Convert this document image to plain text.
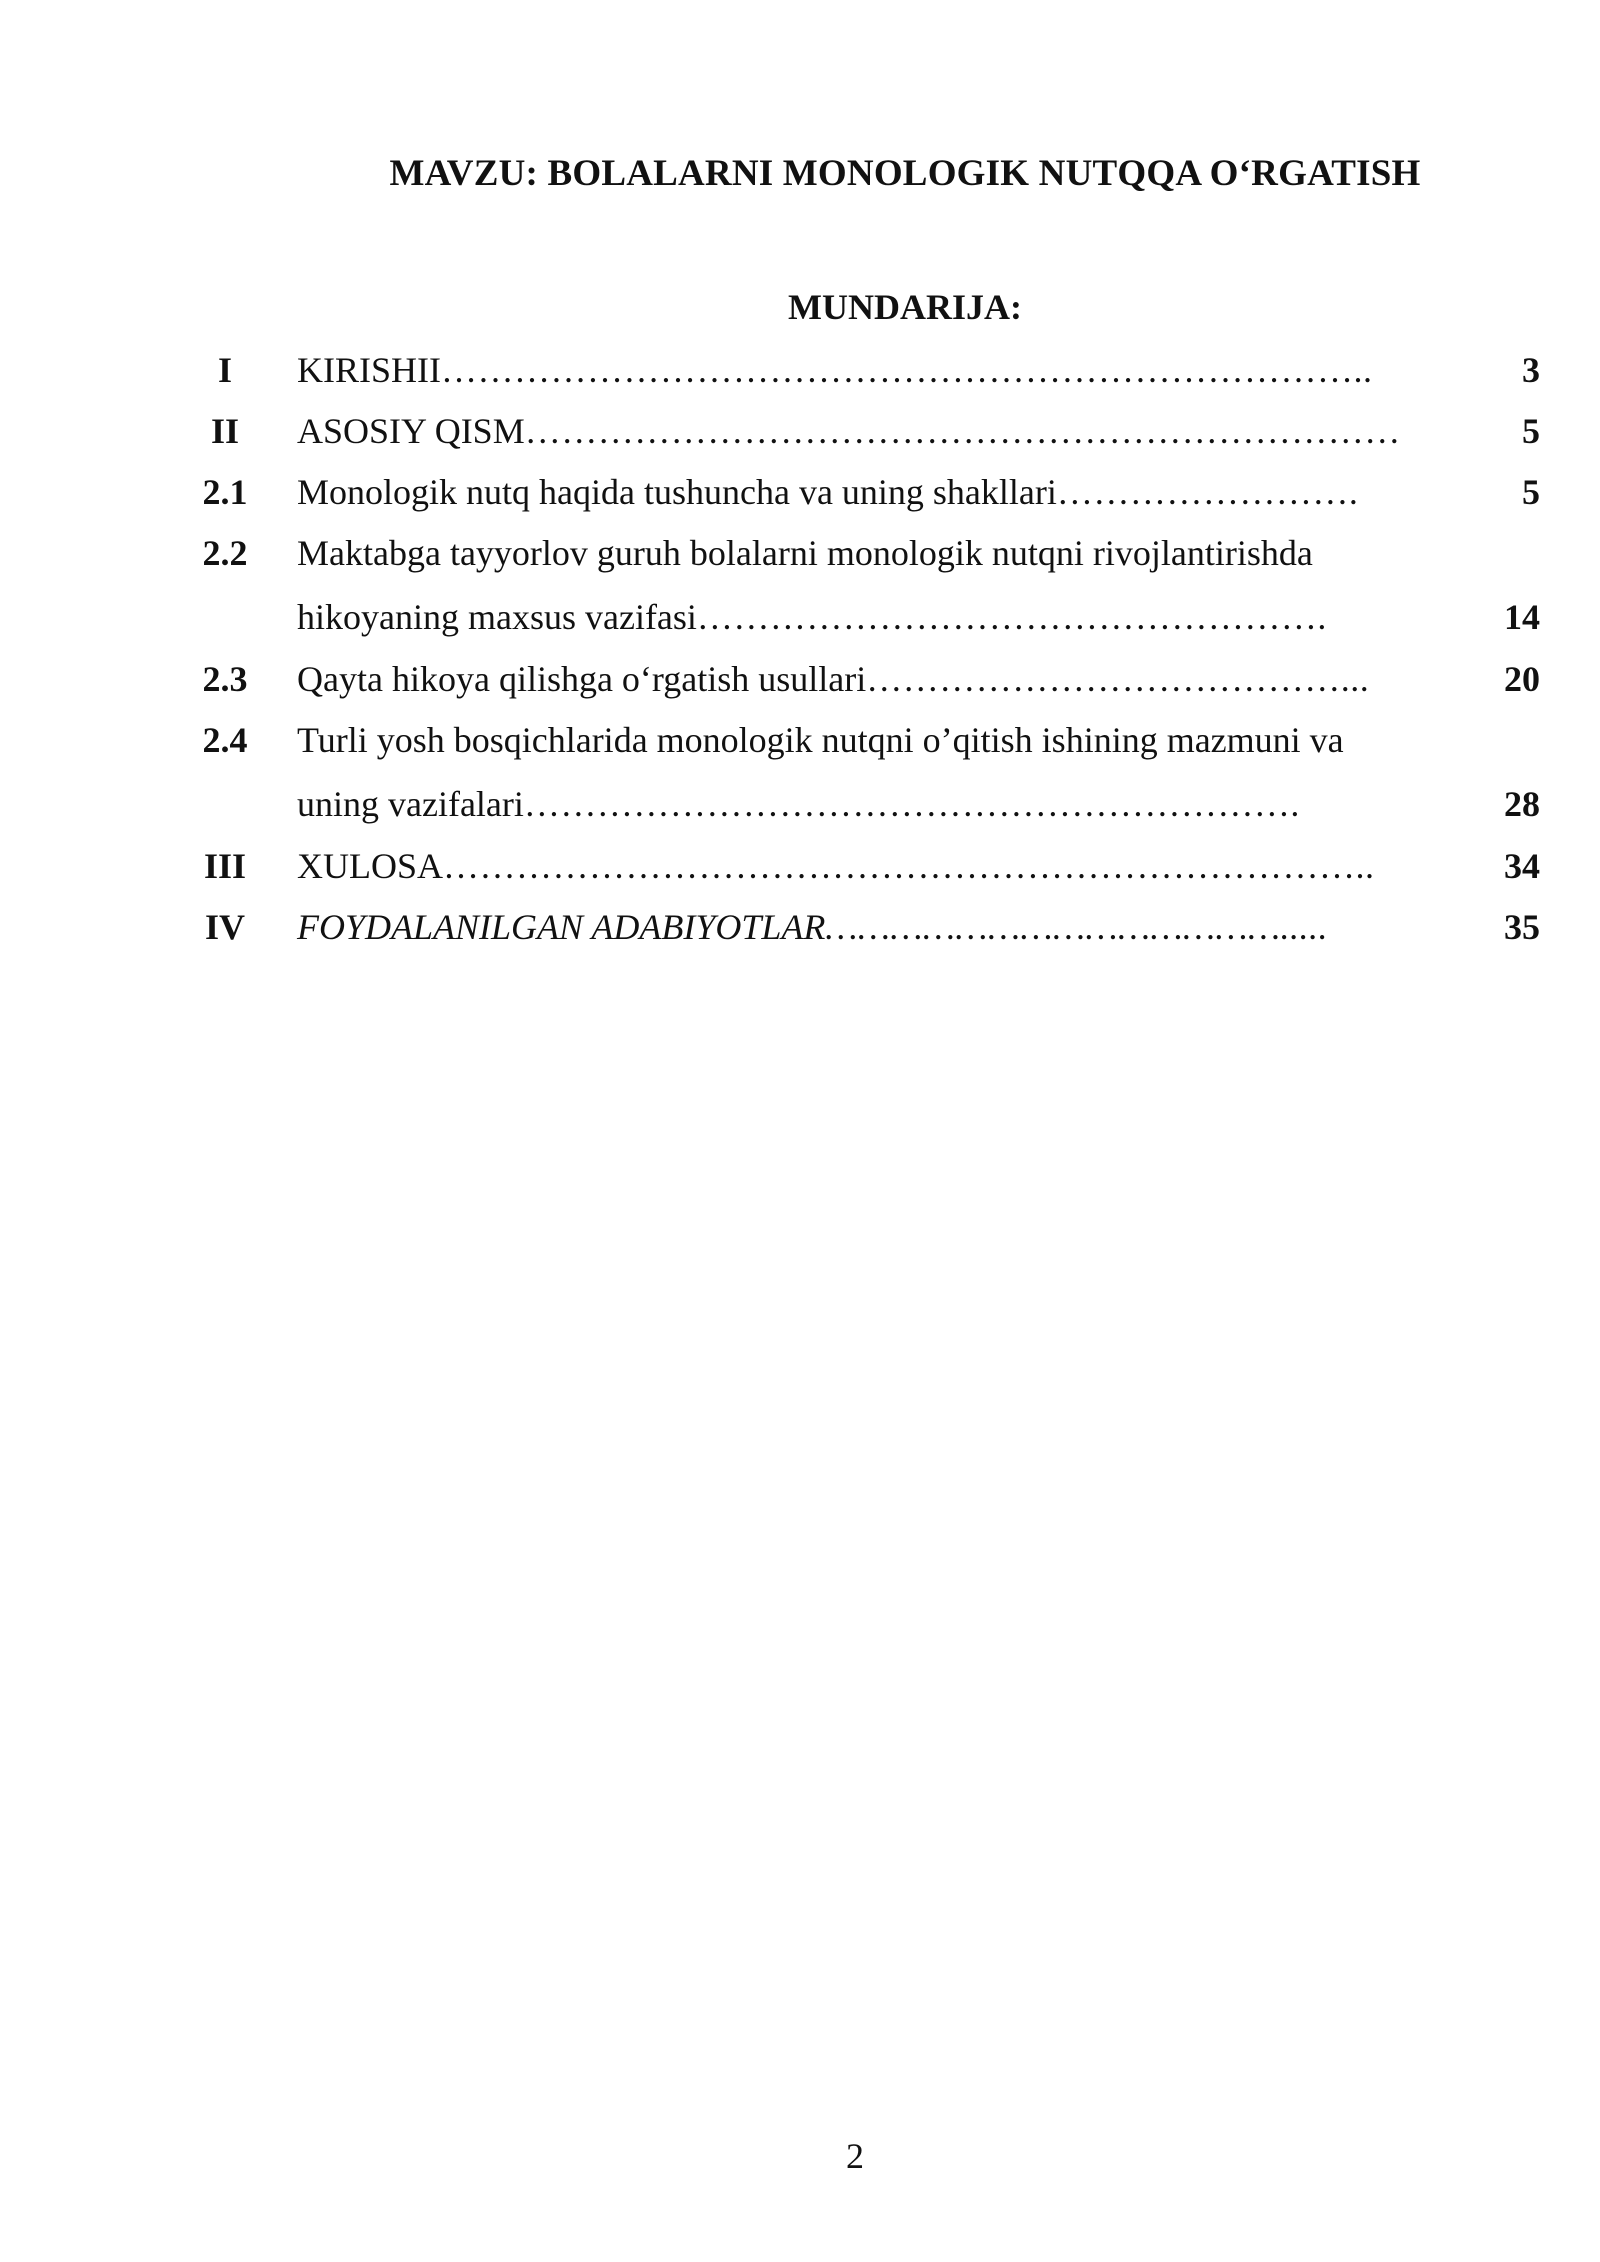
MAVZU: BOLALARNI MONOLOGIK NUTQQA O‘RGATISH
MUNDARIJA:
I	KIRISHII…………………………………………………………………..	3
II	ASOSIY QISM………………………………………………………………	5
2.1	Monologik nutq haqida tushuncha va uning shakllari…………………….	5
2.2	Maktabga tayyorlov guruh bolalarni monologik nutqni rivojlantirishda
hikoyaning maxsus vazifasi…………………………………………….	14
2.3	Qayta hikoya qilishga o‘rgatish usullari…………………………………...	20
2.4	Turli yosh bosqichlarida monologik nutqni o’qitish ishining mazmuni va
uning vazifalari……………………………………………………….	28
III	XULOSA…………………………………………………………………..	34
IV	FOYDALANILGAN ADABIYOTLAR…………………………………….....	35
2
